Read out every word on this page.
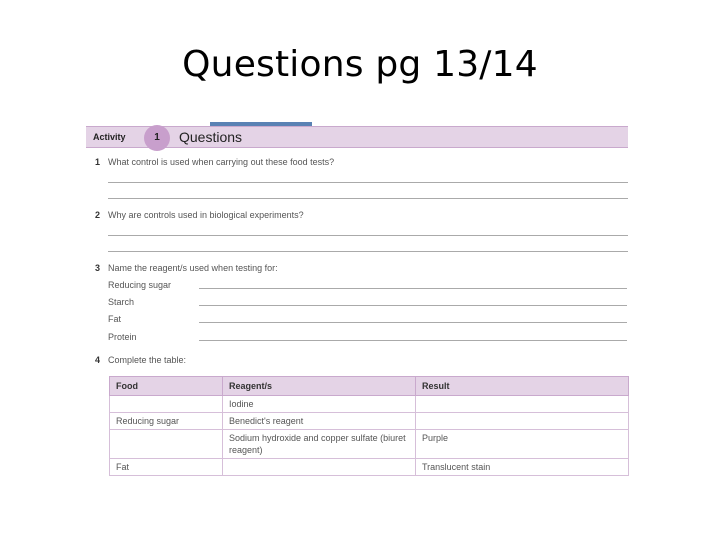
Questions pg 13/14
Activity	1	Questions
1 What control is used when carrying out these food tests?
2 Why are controls used in biological experiments?
3 Name the reagent/s used when testing for:
Reducing sugar
Starch
Fat
Protein
4 Complete the table:
Food	Reagent/s	Result
	Iodine	
Reducing sugar	Benedict's reagent	
	Sodium hydroxide and copper sulfate (biuret reagent)	Purple
Fat		Translucent stain
